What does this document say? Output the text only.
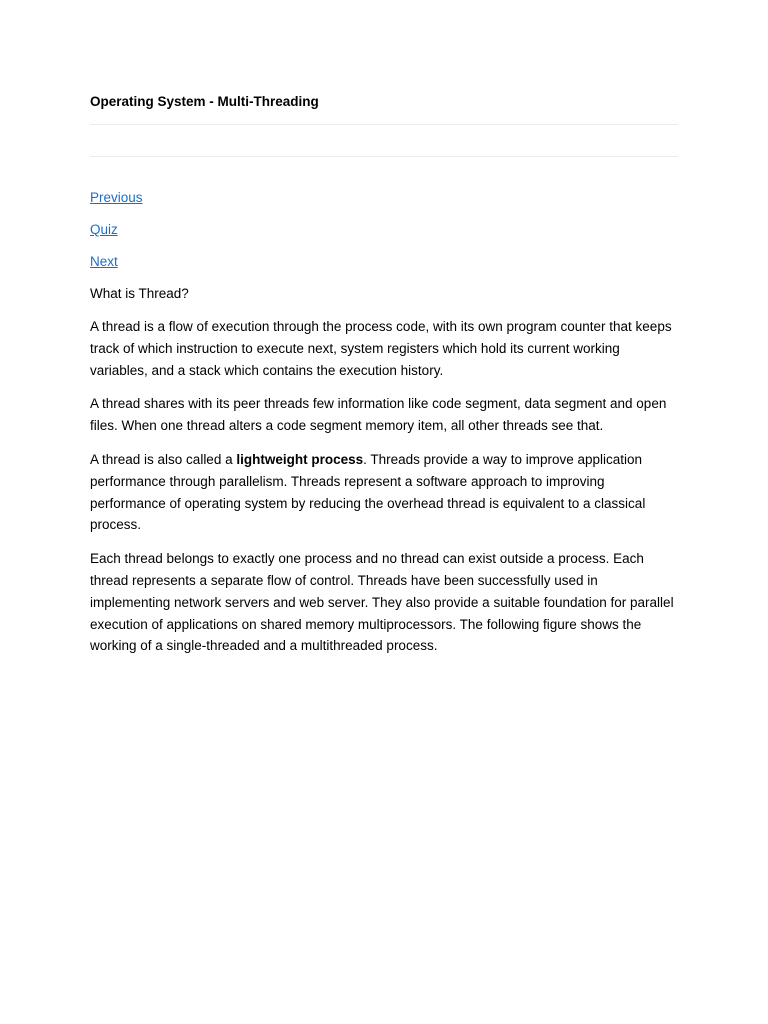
Operating System - Multi-Threading
Previous
Quiz
Next

What is Thread?

A thread is a flow of execution through the process code, with its own program counter that keeps track of which instruction to execute next, system registers which hold its current working variables, and a stack which contains the execution history.

A thread shares with its peer threads few information like code segment, data segment and open files. When one thread alters a code segment memory item, all other threads see that.

A thread is also called a lightweight process. Threads provide a way to improve application performance through parallelism. Threads represent a software approach to improving performance of operating system by reducing the overhead thread is equivalent to a classical process.

Each thread belongs to exactly one process and no thread can exist outside a process. Each thread represents a separate flow of control. Threads have been successfully used in implementing network servers and web server. They also provide a suitable foundation for parallel execution of applications on shared memory multiprocessors. The following figure shows the working of a single-threaded and a multithreaded process.
